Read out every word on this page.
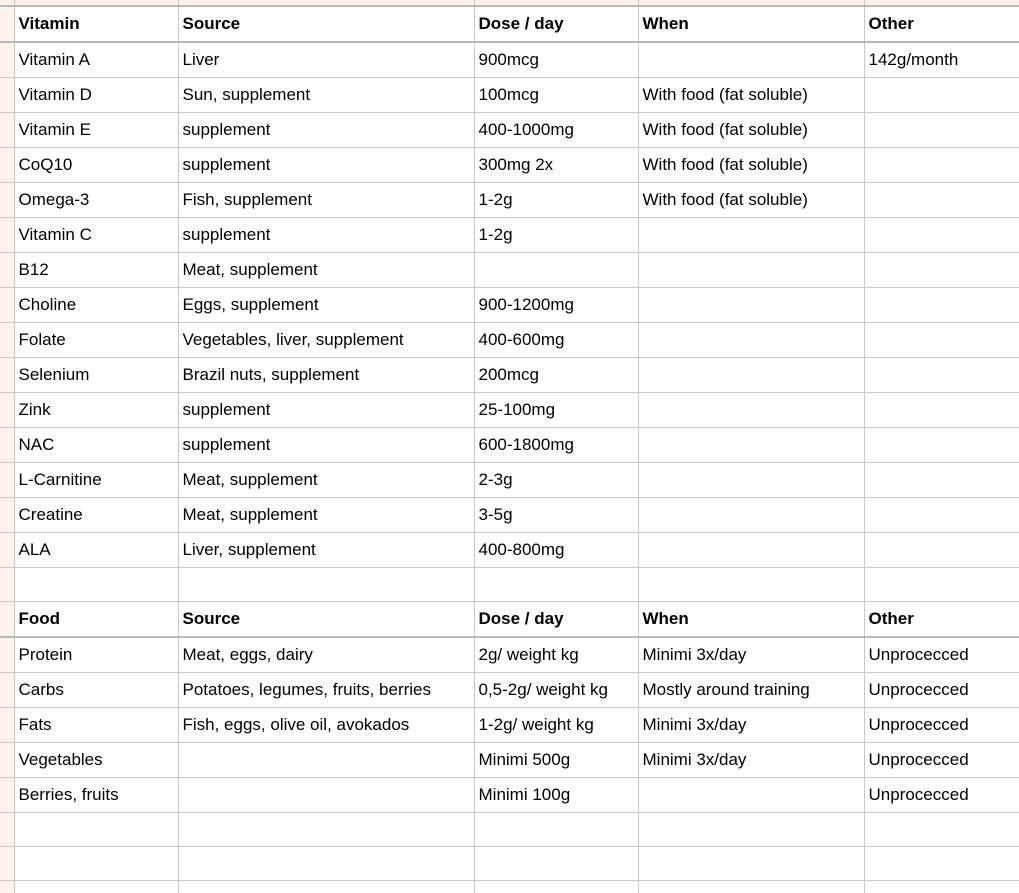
	Vitamin	Source	Dose / day	When	Other
	Vitamin A	Liver	900mcg		142g/month
	Vitamin D	Sun, supplement	100mcg	With food (fat soluble)	
	Vitamin E	supplement	400-1000mg	With food (fat soluble)	
	CoQ10	supplement	300mg 2x	With food (fat soluble)	
	Omega-3	Fish, supplement	1-2g	With food (fat soluble)	
	Vitamin C	supplement	1-2g		
	B12	Meat, supplement			
	Choline	Eggs, supplement	900-1200mg		
	Folate	Vegetables, liver, supplement	400-600mg		
	Selenium	Brazil nuts, supplement	200mcg		
	Zink	supplement	25-100mg		
	NAC	supplement	600-1800mg		
	L-Carnitine	Meat, supplement	2-3g		
	Creatine	Meat, supplement	3-5g		
	ALA	Liver, supplement	400-800mg		

	Food	Source	Dose / day	When	Other
	Protein	Meat, eggs, dairy	2g/ weight kg	Minimi 3x/day	Unprocecced
	Carbs	Potatoes, legumes, fruits, berries	0,5-2g/ weight kg	Mostly around training	Unprocecced
	Fats	Fish, eggs, olive oil, avokados	1-2g/ weight kg	Minimi 3x/day	Unprocecced
	Vegetables		Minimi 500g	Minimi 3x/day	Unprocecced
	Berries, fruits		Minimi 100g		Unprocecced
